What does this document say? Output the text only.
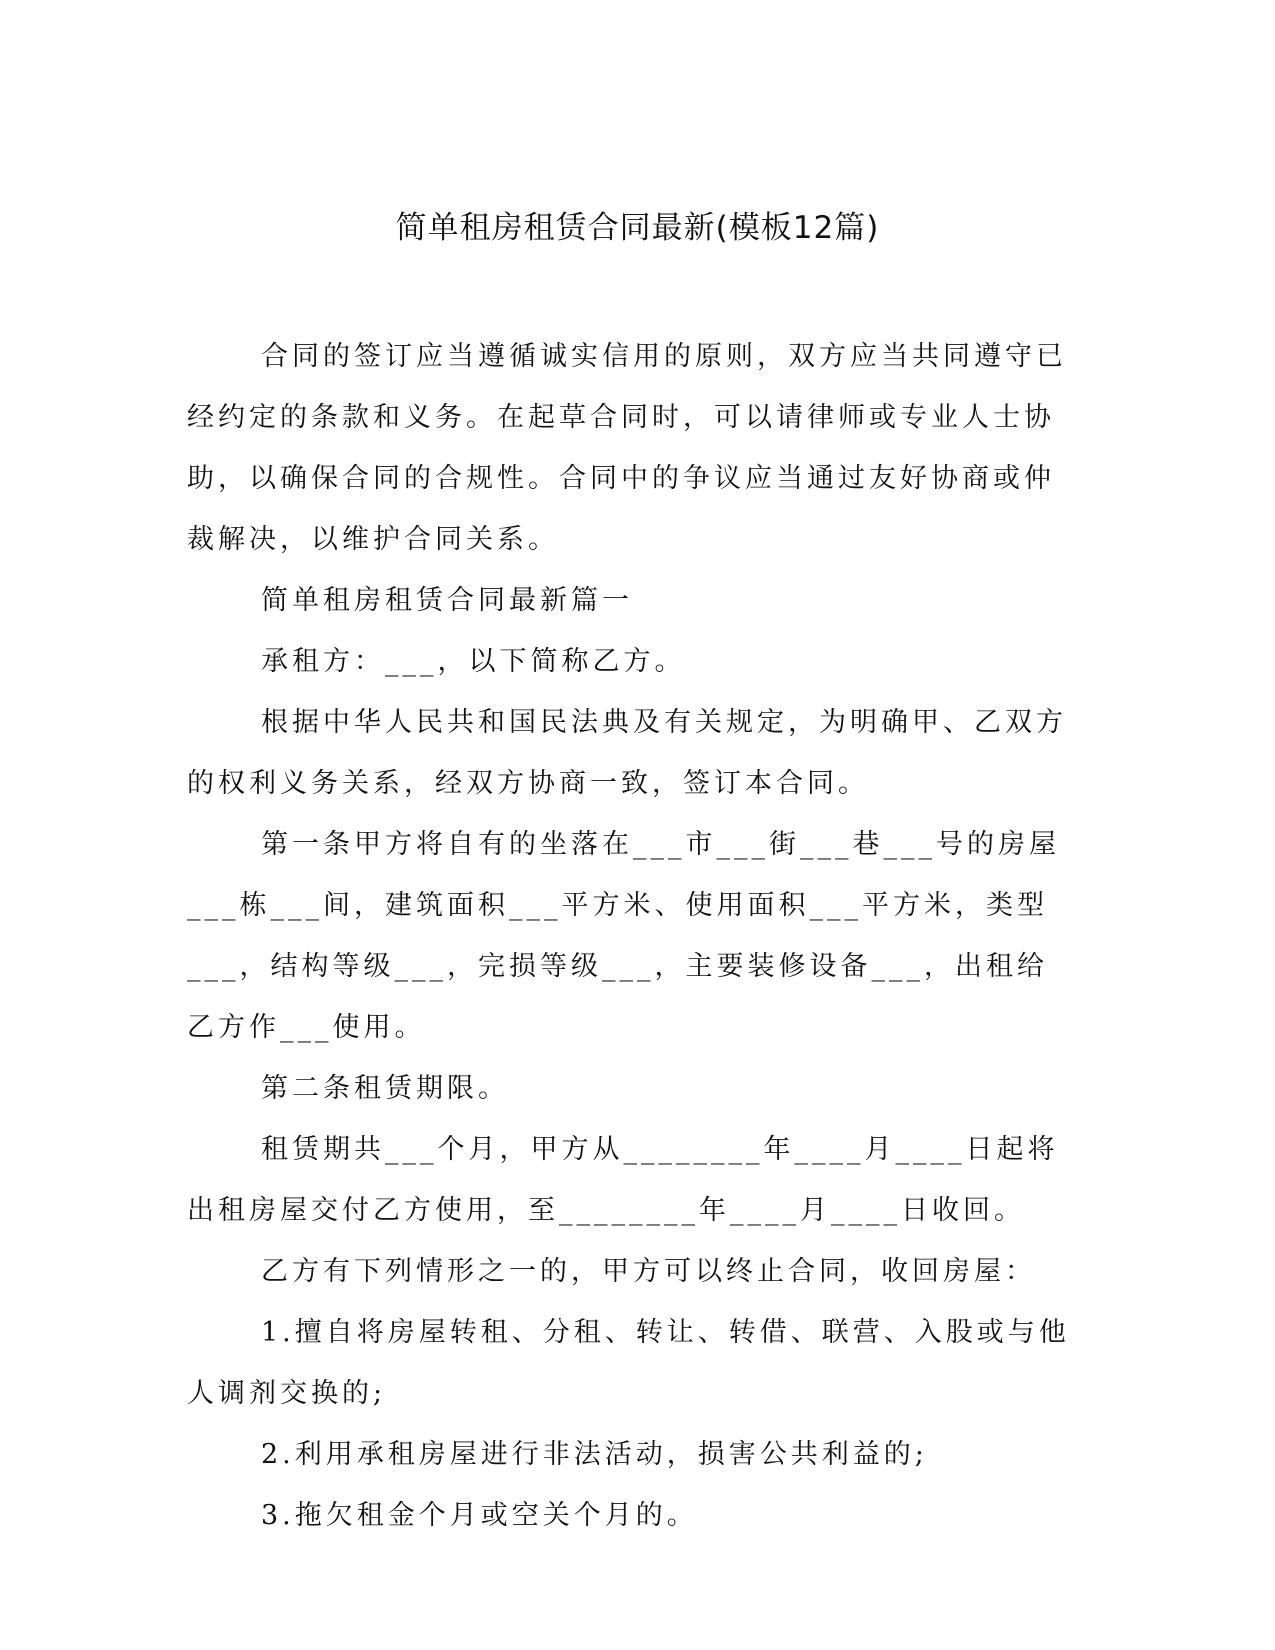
简单租房租赁合同最新(模板12篇)

合同的签订应当遵循诚实信用的原则，双方应当共同遵守已经约定的条款和义务。在起草合同时，可以请律师或专业人士协助，以确保合同的合规性。合同中的争议应当通过友好协商或仲裁解决，以维护合同关系。

简单租房租赁合同最新篇一

承租方：___，以下简称乙方。

根据中华人民共和国民法典及有关规定，为明确甲、乙双方的权利义务关系，经双方协商一致，签订本合同。

第一条甲方将自有的坐落在___市___街___巷___号的房屋___栋___间，建筑面积___平方米、使用面积___平方米，类型___，结构等级___，完损等级___，主要装修设备___，出租给乙方作___使用。

第二条租赁期限。

租赁期共___个月，甲方从________年____月____日起将出租房屋交付乙方使用，至________年____月____日收回。

乙方有下列情形之一的，甲方可以终止合同，收回房屋：

1.擅自将房屋转租、分租、转让、转借、联营、入股或与他人调剂交换的;

2.利用承租房屋进行非法活动，损害公共利益的;

3.拖欠租金个月或空关个月的。
